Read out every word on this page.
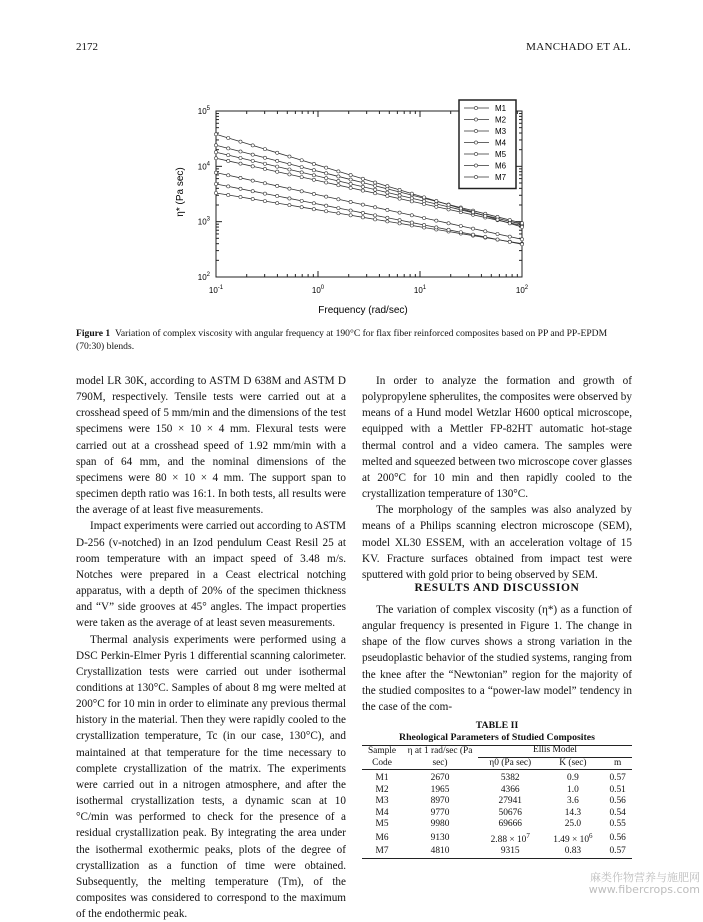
2172	MANCHADO ET AL.
$10^2$
$10^3$
$10^4$
$10^5$
$10^{-1}$	$10^0$	$10^1$	$10^2$
M1
M2
M3
M4
M5
M6
M7
Frequency (rad/sec)
η* (Pa sec)
Figure 1 Variation of complex viscosity with angular frequency at 190°C for flax fiber reinforced composites based on PP and PP-EPDM (70:30) blends.

model LR 30K, according to ASTM D 638M and ASTM D 790M, respectively. Tensile tests were carried out at a crosshead speed of 5 mm/min and the dimensions of the test specimens were 150 × 10 × 4 mm. Flexural tests were carried out at a crosshead speed of 1.92 mm/min with a span of 64 mm, and the nominal dimensions of the specimens were 80 × 10 × 4 mm. The support span to specimen depth ratio was 16:1. In both tests, all results were the average of at least five measurements.

Impact experiments were carried out according to ASTM D-256 (v-notched) in an Izod pendulum Ceast Resil 25 at room temperature with an impact speed of 3.48 m/s. Notches were prepared in a Ceast electrical notching apparatus, with a depth of 20% of the specimen thickness and “V” side grooves at 45° angles. The impact properties were taken as the average of at least seven measurements.

Thermal analysis experiments were performed using a DSC Perkin-Elmer Pyris 1 differential scanning calorimeter. Crystallization tests were carried out under isothermal conditions at 130°C. Samples of about 8 mg were melted at 200°C for 10 min in order to eliminate any previous thermal history in the material. Then they were rapidly cooled to the crystallization temperature, Tc (in our case, 130°C), and maintained at that temperature for the time necessary to complete crystallization of the matrix. The experiments were carried out in a nitrogen atmosphere, and after the isothermal crystallization tests, a dynamic scan at 10 °C/min was performed to check for the presence of a residual crystallization peak. By integrating the area under the isothermal exothermic peaks, plots of the degree of crystallization as a function of time were obtained. Subsequently, the melting temperature (Tm), of the composites was considered to correspond to the maximum of the endothermic peak.

In order to analyze the formation and growth of polypropylene spherulites, the composites were observed by means of a Hund model Wetzlar H600 optical microscope, equipped with a Mettler FP-82HT automatic hot-stage thermal control and a video camera. The samples were melted and squeezed between two microscope cover glasses at 200°C for 10 min and then rapidly cooled to the crystallization temperature of 130°C.

The morphology of the samples was also analyzed by means of a Philips scanning electron microscope (SEM), model XL30 ESSEM, with an acceleration voltage of 15 KV. Fracture surfaces obtained from impact test were sputtered with gold prior to being observed by SEM.

RESULTS AND DISCUSSION

The variation of complex viscosity (η*) as a function of angular frequency is presented in Figure 1. The change in shape of the flow curves shows a strong variation in the pseudoplastic behavior of the studied systems, ranging from the knee after the “Newtonian” region for the majority of the studied composites to a “power-law model” tendency in the case of the com-

TABLE II
Rheological Parameters of Studied Composites
Sample Code	η at 1 rad/sec (Pa sec)	Ellis Model		
		η0 (Pa sec)	K (sec)	m
M1	2670	5382	0.9	0.57
M2	1965	4366	1.0	0.51
M3	8970	27941	3.6	0.56
M4	9770	50676	14.3	0.54
M5	9980	69666	25.0	0.55
M6	9130	$2.88 \times 10^7$	$1.49 \times 10^6$	0.56
M7	4810	9315	0.83	0.57
麻类作物营养与施肥网
www.fibercrops.com
